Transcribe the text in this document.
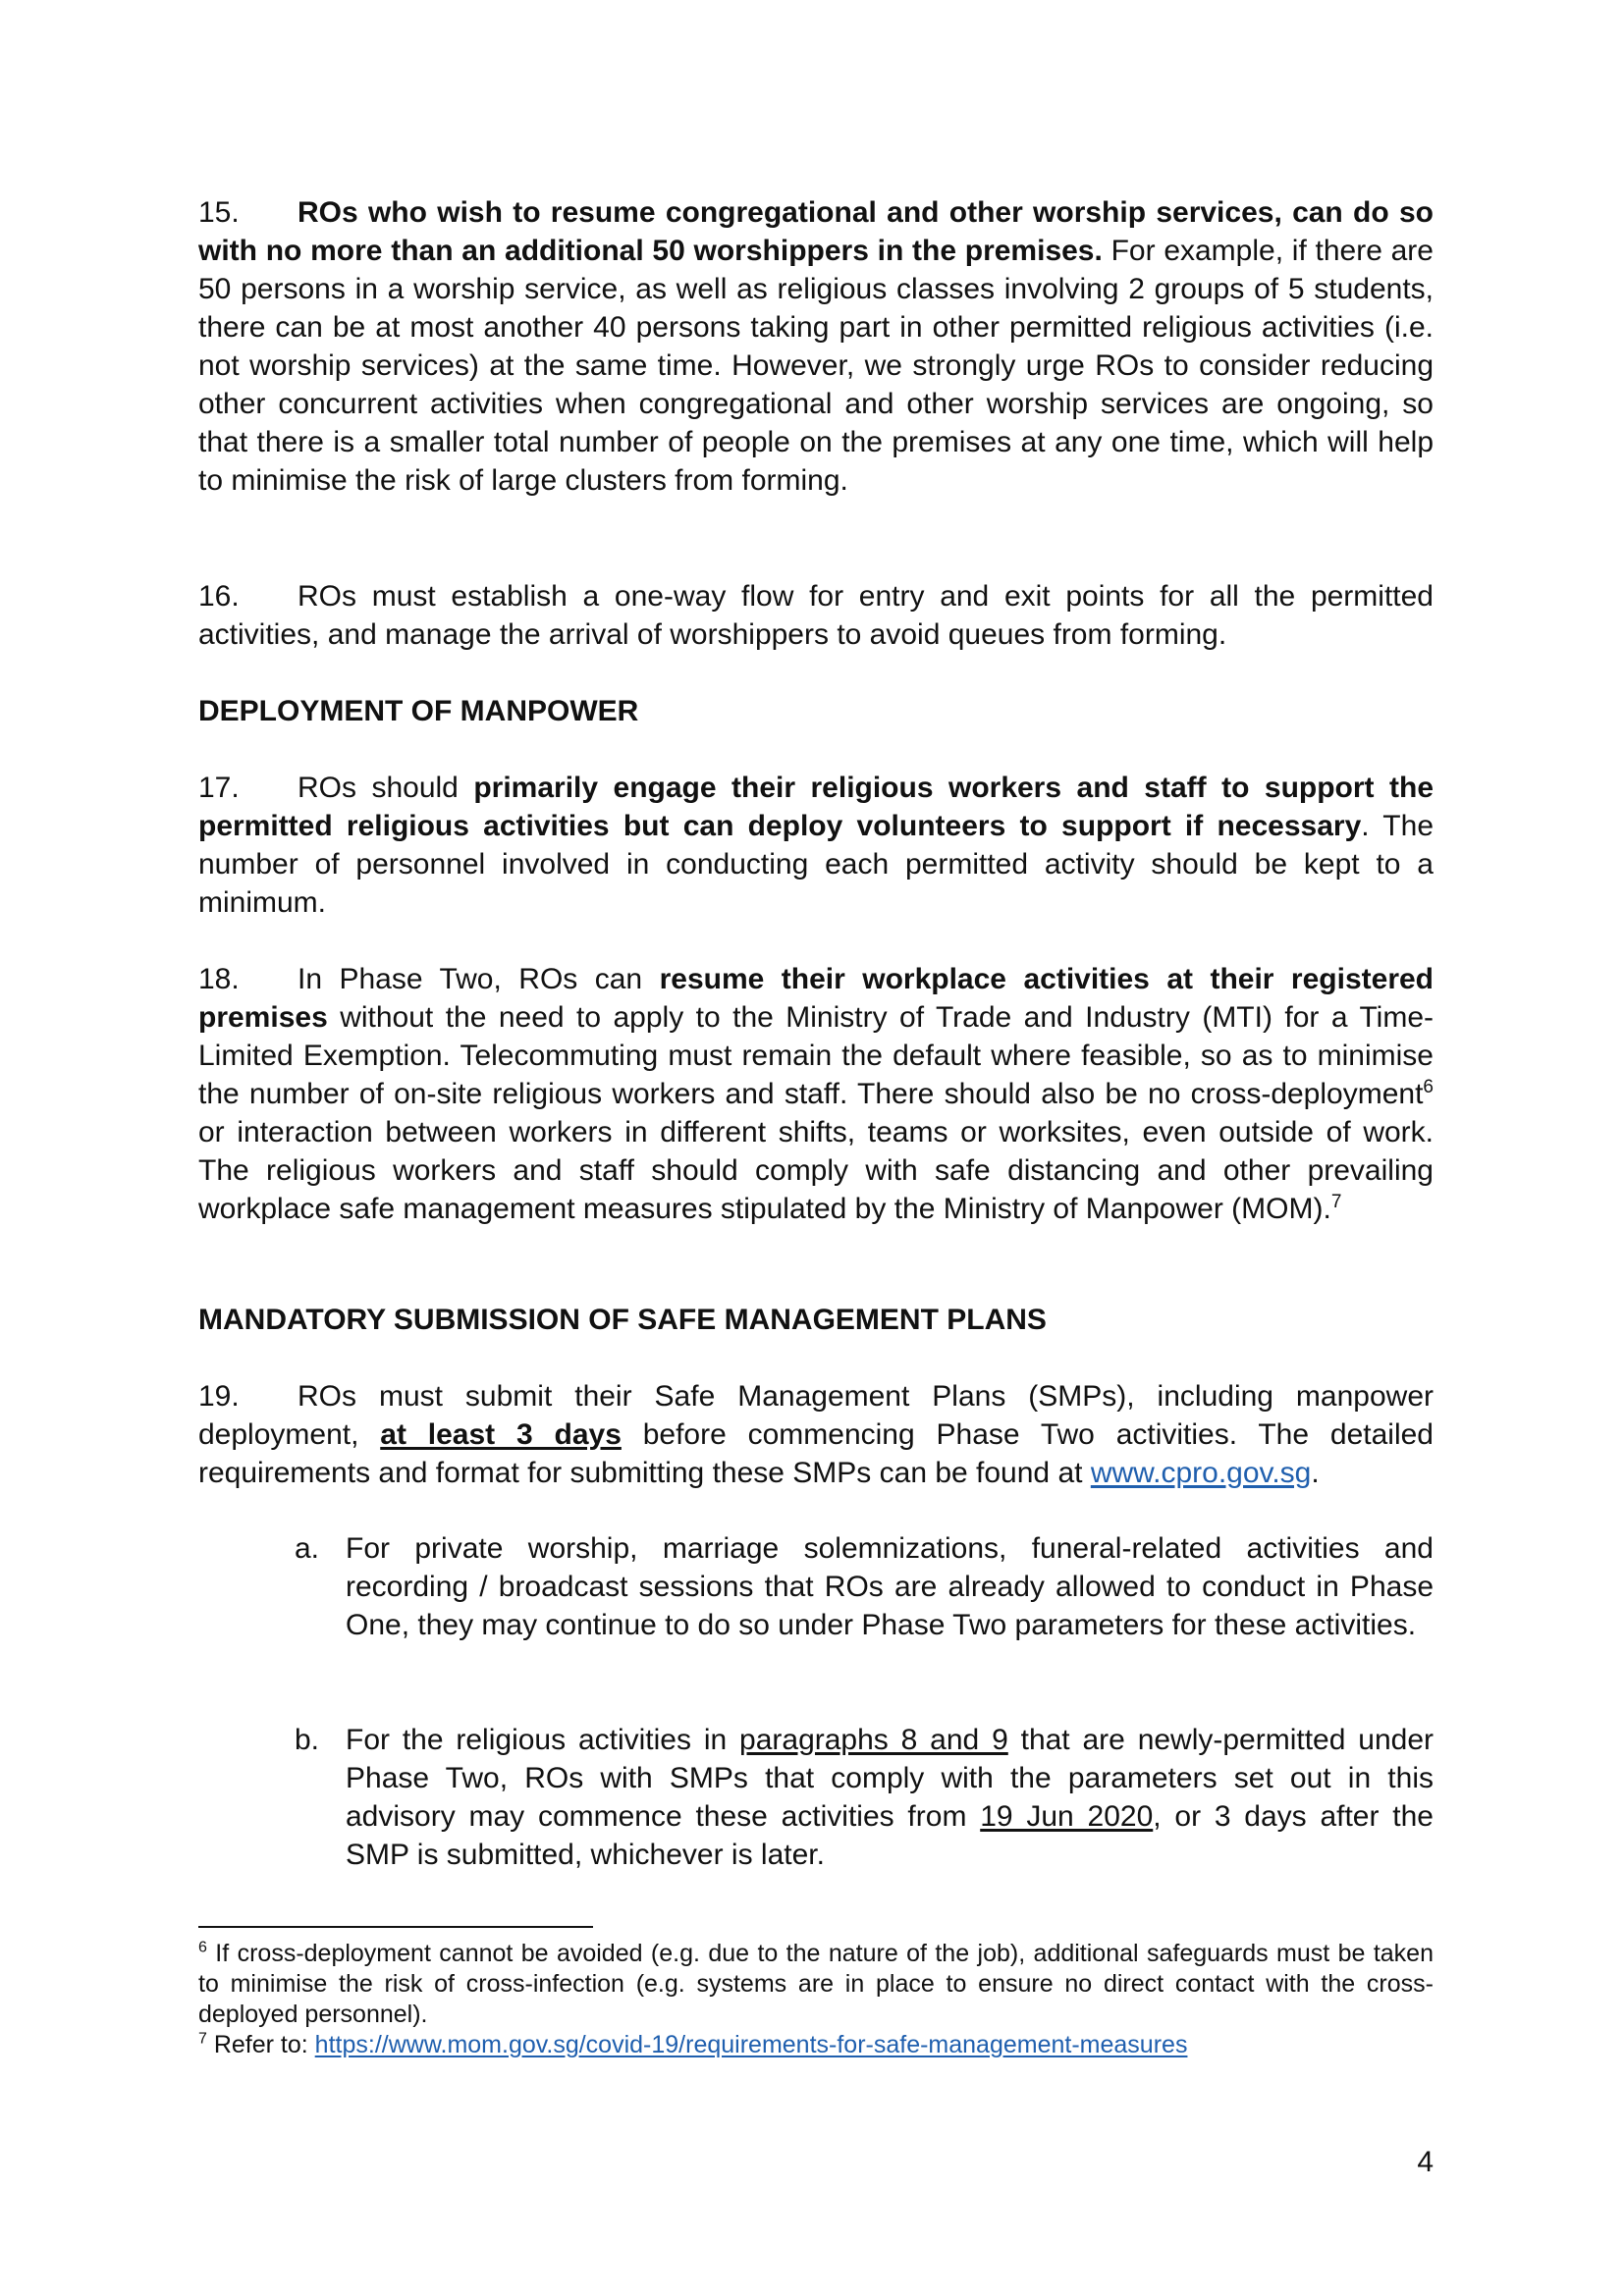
15. ROs who wish to resume congregational and other worship services, can do so with no more than an additional 50 worshippers in the premises. For example, if there are 50 persons in a worship service, as well as religious classes involving 2 groups of 5 students, there can be at most another 40 persons taking part in other permitted religious activities (i.e. not worship services) at the same time. However, we strongly urge ROs to consider reducing other concurrent activities when congregational and other worship services are ongoing, so that there is a smaller total number of people on the premises at any one time, which will help to minimise the risk of large clusters from forming.

16. ROs must establish a one-way flow for entry and exit points for all the permitted activities, and manage the arrival of worshippers to avoid queues from forming.

DEPLOYMENT OF MANPOWER

17. ROs should primarily engage their religious workers and staff to support the permitted religious activities but can deploy volunteers to support if necessary. The number of personnel involved in conducting each permitted activity should be kept to a minimum.

18. In Phase Two, ROs can resume their workplace activities at their registered premises without the need to apply to the Ministry of Trade and Industry (MTI) for a Time-Limited Exemption. Telecommuting must remain the default where feasible, so as to minimise the number of on-site religious workers and staff. There should also be no cross-deployment$^6$ or interaction between workers in different shifts, teams or worksites, even outside of work. The religious workers and staff should comply with safe distancing and other prevailing workplace safe management measures stipulated by the Ministry of Manpower (MOM).$^7$

MANDATORY SUBMISSION OF SAFE MANAGEMENT PLANS

19. ROs must submit their Safe Management Plans (SMPs), including manpower deployment, at least 3 days before commencing Phase Two activities. The detailed requirements and format for submitting these SMPs can be found at www.cpro.gov.sg.

a. For private worship, marriage solemnizations, funeral-related activities and recording / broadcast sessions that ROs are already allowed to conduct in Phase One, they may continue to do so under Phase Two parameters for these activities.

b. For the religious activities in paragraphs 8 and 9 that are newly-permitted under Phase Two, ROs with SMPs that comply with the parameters set out in this advisory may commence these activities from 19 Jun 2020, or 3 days after the SMP is submitted, whichever is later.

$^6$ If cross-deployment cannot be avoided (e.g. due to the nature of the job), additional safeguards must be taken to minimise the risk of cross-infection (e.g. systems are in place to ensure no direct contact with the cross-deployed personnel).

$^7$ Refer to: https://www.mom.gov.sg/covid-19/requirements-for-safe-management-measures

4
